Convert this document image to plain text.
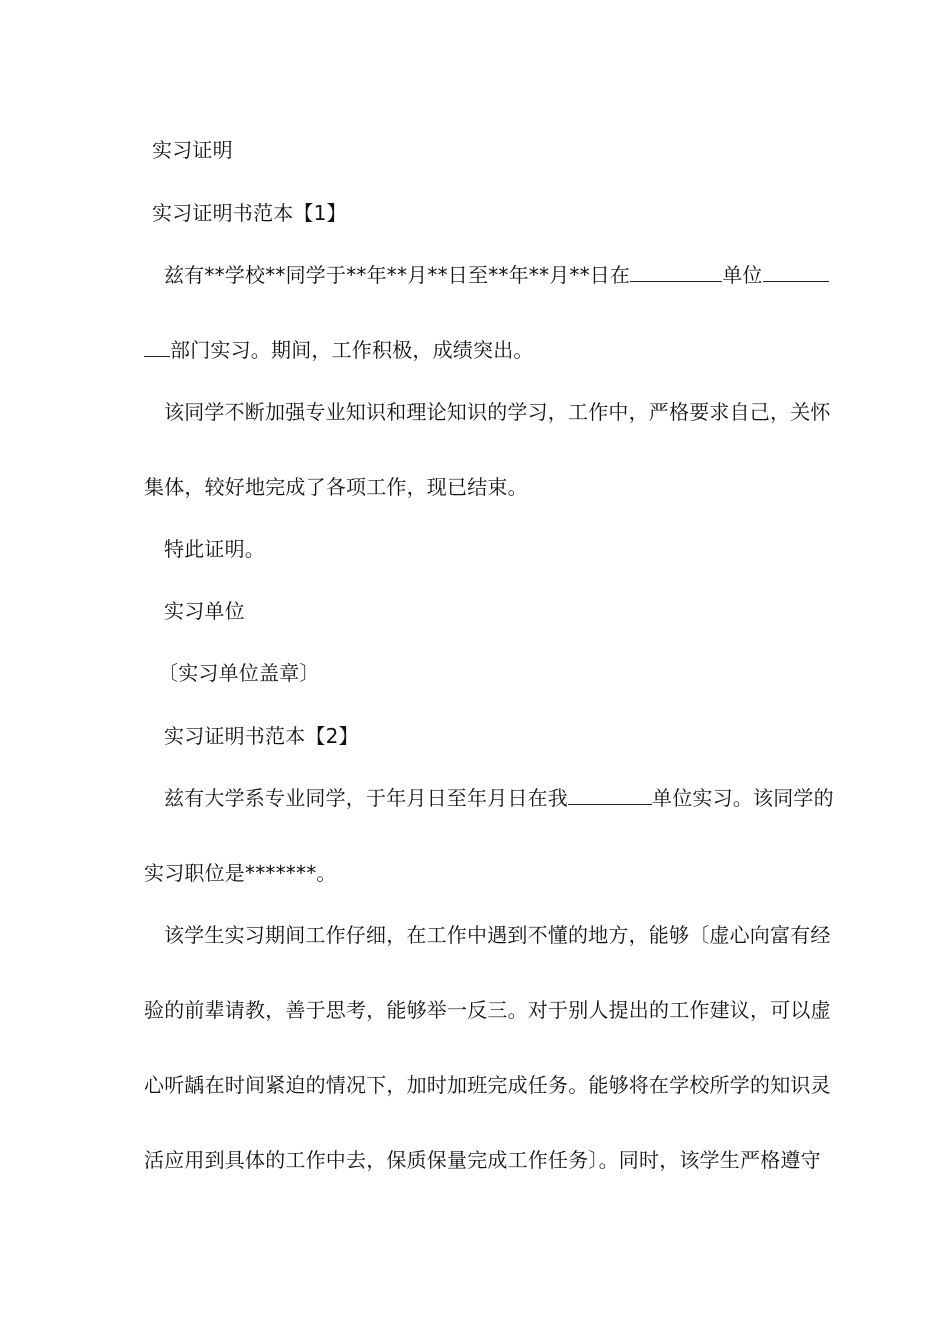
实习证明
实习证明书范本【1】
兹有**学校**同学于**年**月**日至**年**月**日在	单位
部门实习。期间，工作积极，成绩突出。
该同学不断加强专业知识和理论知识的学习，工作中，严格要求自己，关怀
集体，较好地完成了各项工作，现已结束。
特此证明。
实习单位
〔实习单位盖章〕
实习证明书范本【2】
兹有大学系专业同学，于年月日至年月日在我	单位实习。该同学的
实习职位是*******。
该学生实习期间工作仔细，在工作中遇到不懂的地方，能够〔虚心向富有经
验的前辈请教，善于思考，能够举一反三。对于别人提出的工作建议，可以虚
心听龋在时间紧迫的情况下，加时加班完成任务。能够将在学校所学的知识灵
活应用到具体的工作中去，保质保量完成工作任务〕。同时，该学生严格遵守
